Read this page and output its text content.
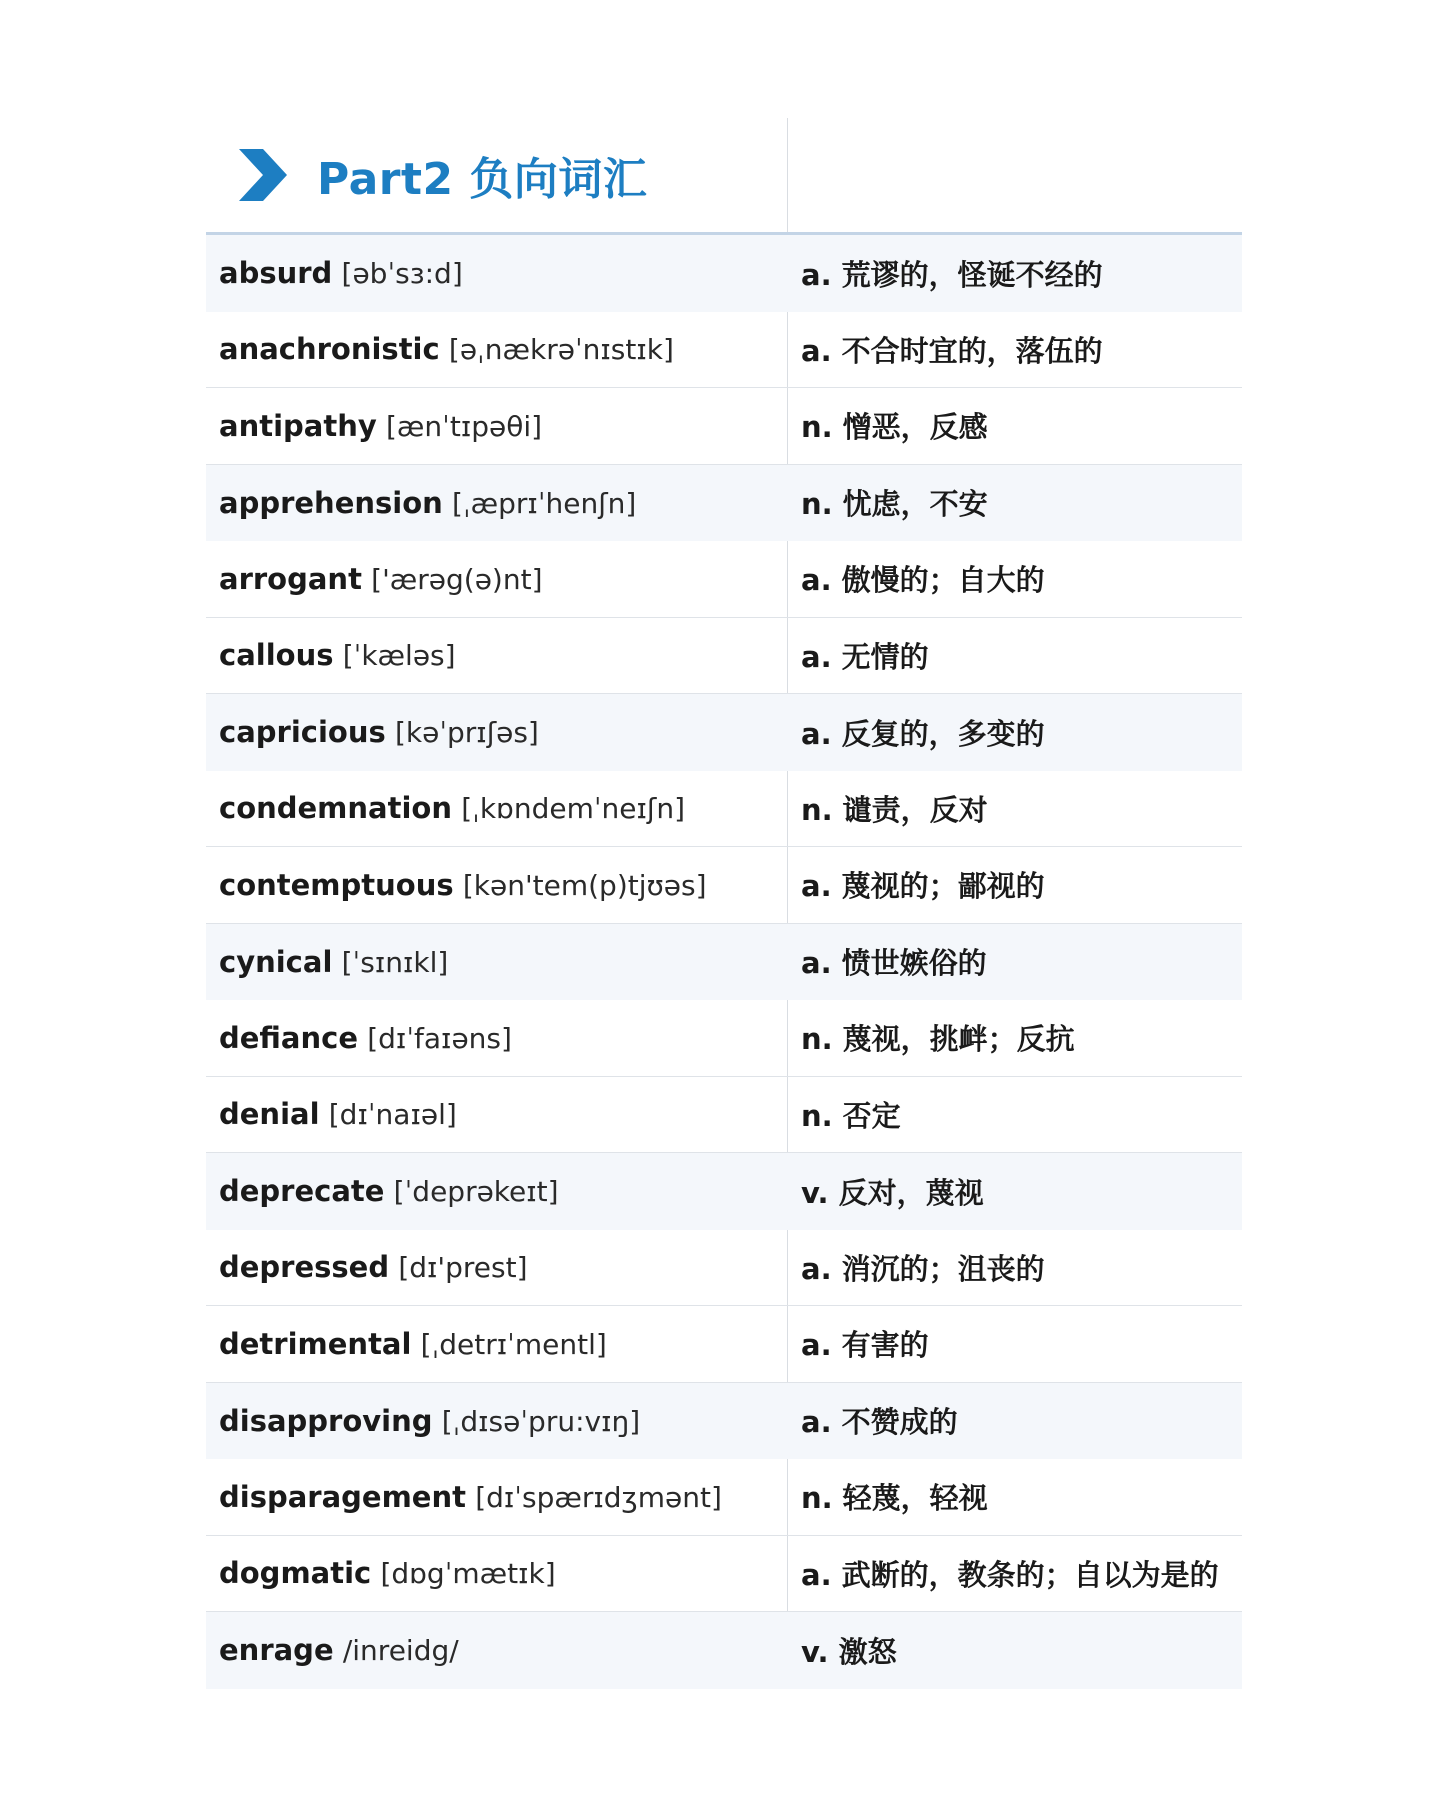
Part2 负向词汇
absurd [əbˈsɜ:d]	a. 荒谬的，怪诞不经的
anachronistic [əˌnækrəˈnɪstɪk]	a. 不合时宜的，落伍的
antipathy [ænˈtɪpəθi]	n. 憎恶，反感
apprehension [ˌæprɪˈhenʃn]	n. 忧虑，不安
arrogant ['ærəg(ə)nt]	a. 傲慢的；自大的
callous [ˈkæləs]	a. 无情的
capricious [kəˈprɪʃəs]	a. 反复的，多变的
condemnation [ˌkɒndemˈneɪʃn]	n. 谴责，反对
contemptuous [kən'tem(p)tjʊəs]	a. 蔑视的；鄙视的
cynical [ˈsɪnɪkl]	a. 愤世嫉俗的
defiance [dɪˈfaɪəns]	n. 蔑视，挑衅；反抗
denial [dɪˈnaɪəl]	n. 否定
deprecate [ˈdeprəkeɪt]	v. 反对，蔑视
depressed [dɪ'prest]	a. 消沉的；沮丧的
detrimental [ˌdetrɪˈmentl]	a. 有害的
disapproving [ˌdɪsəˈpru:vɪŋ]	a. 不赞成的
disparagement [dɪˈspærɪdʒmənt]	n. 轻蔑，轻视
dogmatic [dɒgˈmætɪk]	a. 武断的，教条的；自以为是的
enrage /inreidg/	v. 激怒
